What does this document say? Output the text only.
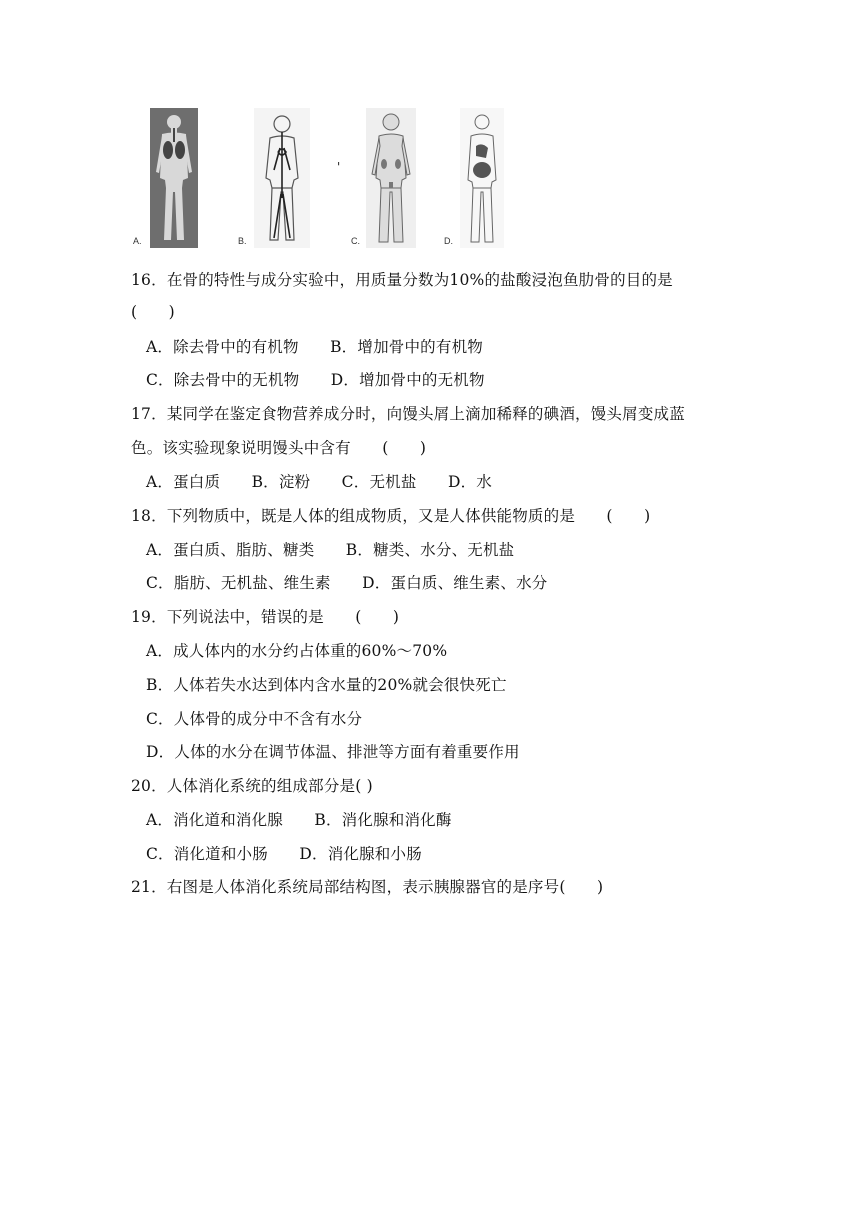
A.	B.
'
C.	D.
16．在骨的特性与成分实验中，用质量分数为10%的盐酸浸泡鱼肋骨的目的是
(　　)
A．除去骨中的有机物　　B．增加骨中的有机物
C．除去骨中的无机物　　D．增加骨中的无机物
17．某同学在鉴定食物营养成分时，向馒头屑上滴加稀释的碘酒，馒头屑变成蓝
色。该实验现象说明馒头中含有　　(　　)
A．蛋白质　　B．淀粉　　C．无机盐　　D．水
18．下列物质中，既是人体的组成物质，又是人体供能物质的是　　(　　)
A．蛋白质、脂肪、糖类　　B．糖类、水分、无机盐
C．脂肪、无机盐、维生素　　D．蛋白质、维生素、水分
19．下列说法中，错误的是　　(　　)
A．成人体内的水分约占体重的60%～70%
B．人体若失水达到体内含水量的20%就会很快死亡
C．人体骨的成分中不含有水分
D．人体的水分在调节体温、排泄等方面有着重要作用
20．人体消化系统的组成部分是( )
A．消化道和消化腺　　B．消化腺和消化酶
C．消化道和小肠　　D．消化腺和小肠
21．右图是人体消化系统局部结构图，表示胰腺器官的是序号(　　)
